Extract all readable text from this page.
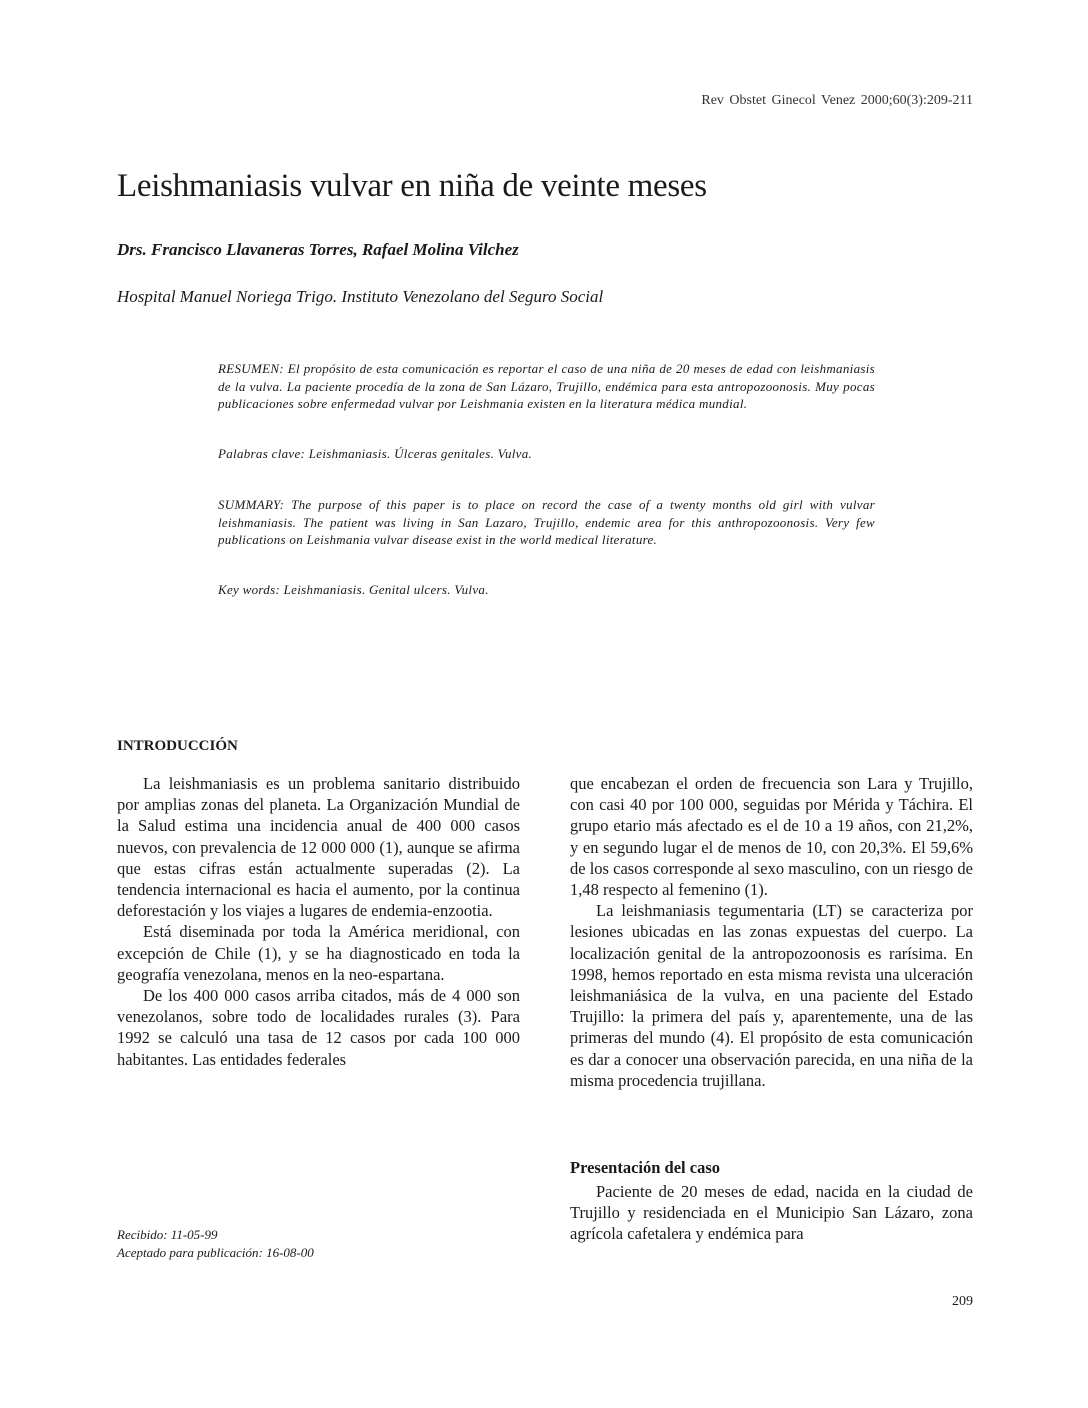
Rev Obstet Ginecol Venez 2000;60(3):209-211
Leishmaniasis vulvar en niña de veinte meses
Drs. Francisco Llavaneras Torres, Rafael Molina Vilchez
Hospital Manuel Noriega Trigo. Instituto Venezolano del Seguro Social
RESUMEN: El propósito de esta comunicación es reportar el caso de una niña de 20 meses de edad con leishmaniasis de la vulva. La paciente procedía de la zona de San Lázaro, Trujillo, endémica para esta antropozoonosis. Muy pocas publicaciones sobre enfermedad vulvar por Leishmania existen en la literatura médica mundial.
Palabras clave: Leishmaniasis. Úlceras genitales. Vulva.
SUMMARY: The purpose of this paper is to place on record the case of a twenty months old girl with vulvar leishmaniasis. The patient was living in San Lazaro, Trujillo, endemic area for this anthropozoonosis. Very few publications on Leishmania vulvar disease exist in the world medical literature.
Key words: Leishmaniasis. Genital ulcers. Vulva.
INTRODUCCIÓN

La leishmaniasis es un problema sanitario distribuido por amplias zonas del planeta. La Organización Mundial de la Salud estima una incidencia anual de 400 000 casos nuevos, con prevalencia de 12 000 000 (1), aunque se afirma que estas cifras están actualmente superadas (2). La tendencia internacional es hacia el aumento, por la continua deforestación y los viajes a lugares de endemia-enzootia.

Está diseminada por toda la América meridional, con excepción de Chile (1), y se ha diagnosticado en toda la geografía venezolana, menos en la neo-espartana.

De los 400 000 casos arriba citados, más de 4 000 son venezolanos, sobre todo de localidades rurales (3). Para 1992 se calculó una tasa de 12 casos por cada 100 000 habitantes. Las entidades federales

que encabezan el orden de frecuencia son Lara y Trujillo, con casi 40 por 100 000, seguidas por Mérida y Táchira. El grupo etario más afectado es el de 10 a 19 años, con 21,2%, y en segundo lugar el de menos de 10, con 20,3%. El 59,6% de los casos corresponde al sexo masculino, con un riesgo de 1,48 respecto al femenino (1).

La leishmaniasis tegumentaria (LT) se caracteriza por lesiones ubicadas en las zonas expuestas del cuerpo. La localización genital de la antropozoonosis es rarísima. En 1998, hemos reportado en esta misma revista una ulceración leishmaniásica de la vulva, en una paciente del Estado Trujillo: la primera del país y, aparentemente, una de las primeras del mundo (4). El propósito de esta comunicación es dar a conocer una observación parecida, en una niña de la misma procedencia trujillana.

Presentación del caso

Paciente de 20 meses de edad, nacida en la ciudad de Trujillo y residenciada en el Municipio San Lázaro, zona agrícola cafetalera y endémica para

Recibido: 11-05-99
Aceptado para publicación: 16-08-00
209
